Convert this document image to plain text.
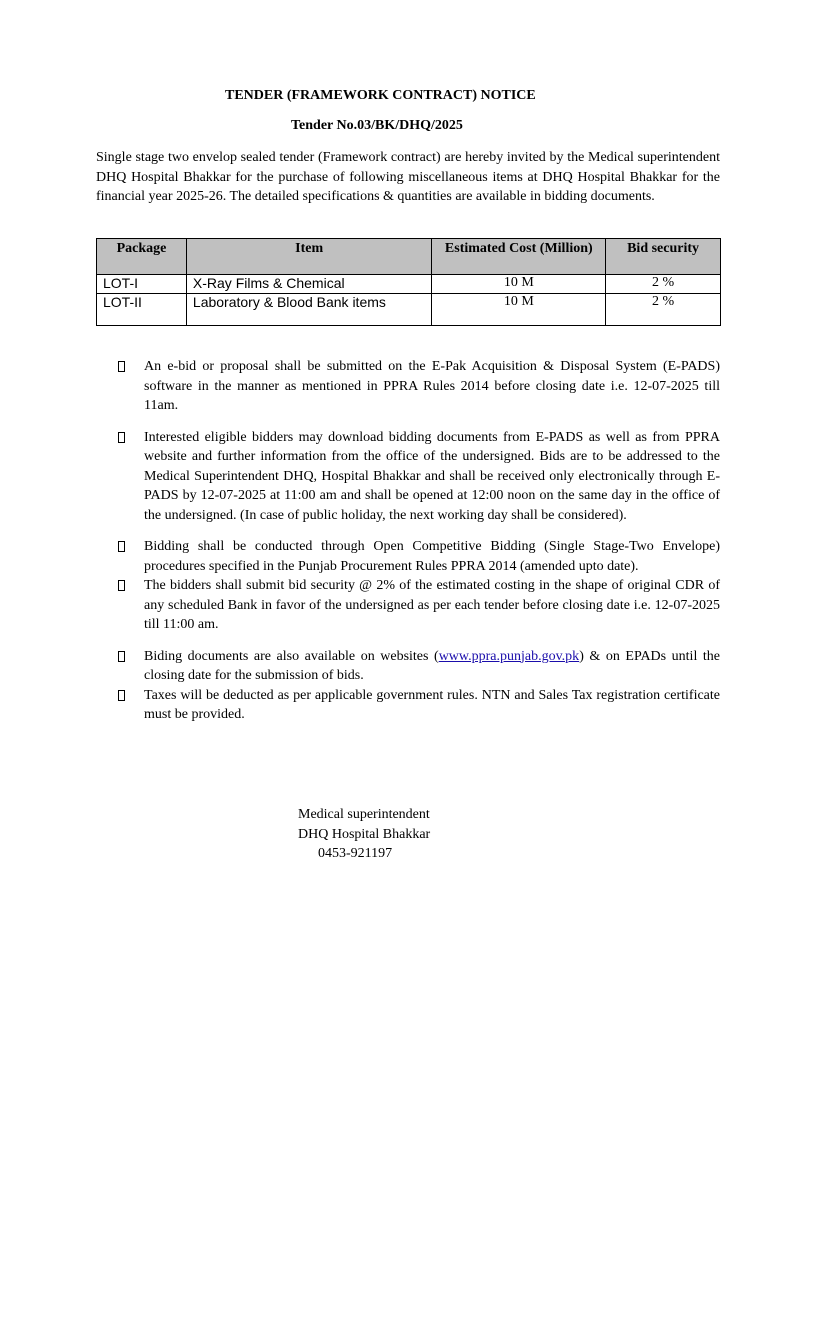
TENDER (FRAMEWORK CONTRACT) NOTICE
Tender No.03/BK/DHQ/2025

Single stage two envelop sealed tender (Framework contract) are hereby invited by the Medical superintendent DHQ Hospital Bhakkar for the purchase of following miscellaneous items at DHQ Hospital Bhakkar for the financial year 2025-26. The detailed specifications & quantities are available in bidding documents.

Package	Item	Estimated Cost (Million)	Bid security
LOT-I	X-Ray Films & Chemical	10 M	2 %
LOT-II	Laboratory & Blood Bank items	10 M	2 %
An e-bid or proposal shall be submitted on the E-Pak Acquisition & Disposal System (E-PADS) software in the manner as mentioned in PPRA Rules 2014 before closing date i.e. 12-07-2025 till 11am.
Interested eligible bidders may download bidding documents from E-PADS as well as from PPRA website and further information from the office of the undersigned. Bids are to be addressed to the Medical Superintendent DHQ, Hospital Bhakkar and shall be received only electronically through E-PADS by 12-07-2025 at 11:00 am and shall be opened at 12:00 noon on the same day in the office of the undersigned. (In case of public holiday, the next working day shall be considered).
Bidding shall be conducted through Open Competitive Bidding (Single Stage-Two Envelope) procedures specified in the Punjab Procurement Rules PPRA 2014 (amended upto date).
The bidders shall submit bid security @ 2% of the estimated costing in the shape of original CDR of any scheduled Bank in favor of the undersigned as per each tender before closing date i.e. 12-07-2025 till 11:00 am.
Biding documents are also available on websites (www.ppra.punjab.gov.pk) & on EPADs until the closing date for the submission of bids.
Taxes will be deducted as per applicable government rules. NTN and Sales Tax registration certificate must be provided.
Medical superintendent
DHQ Hospital Bhakkar
0453-921197
